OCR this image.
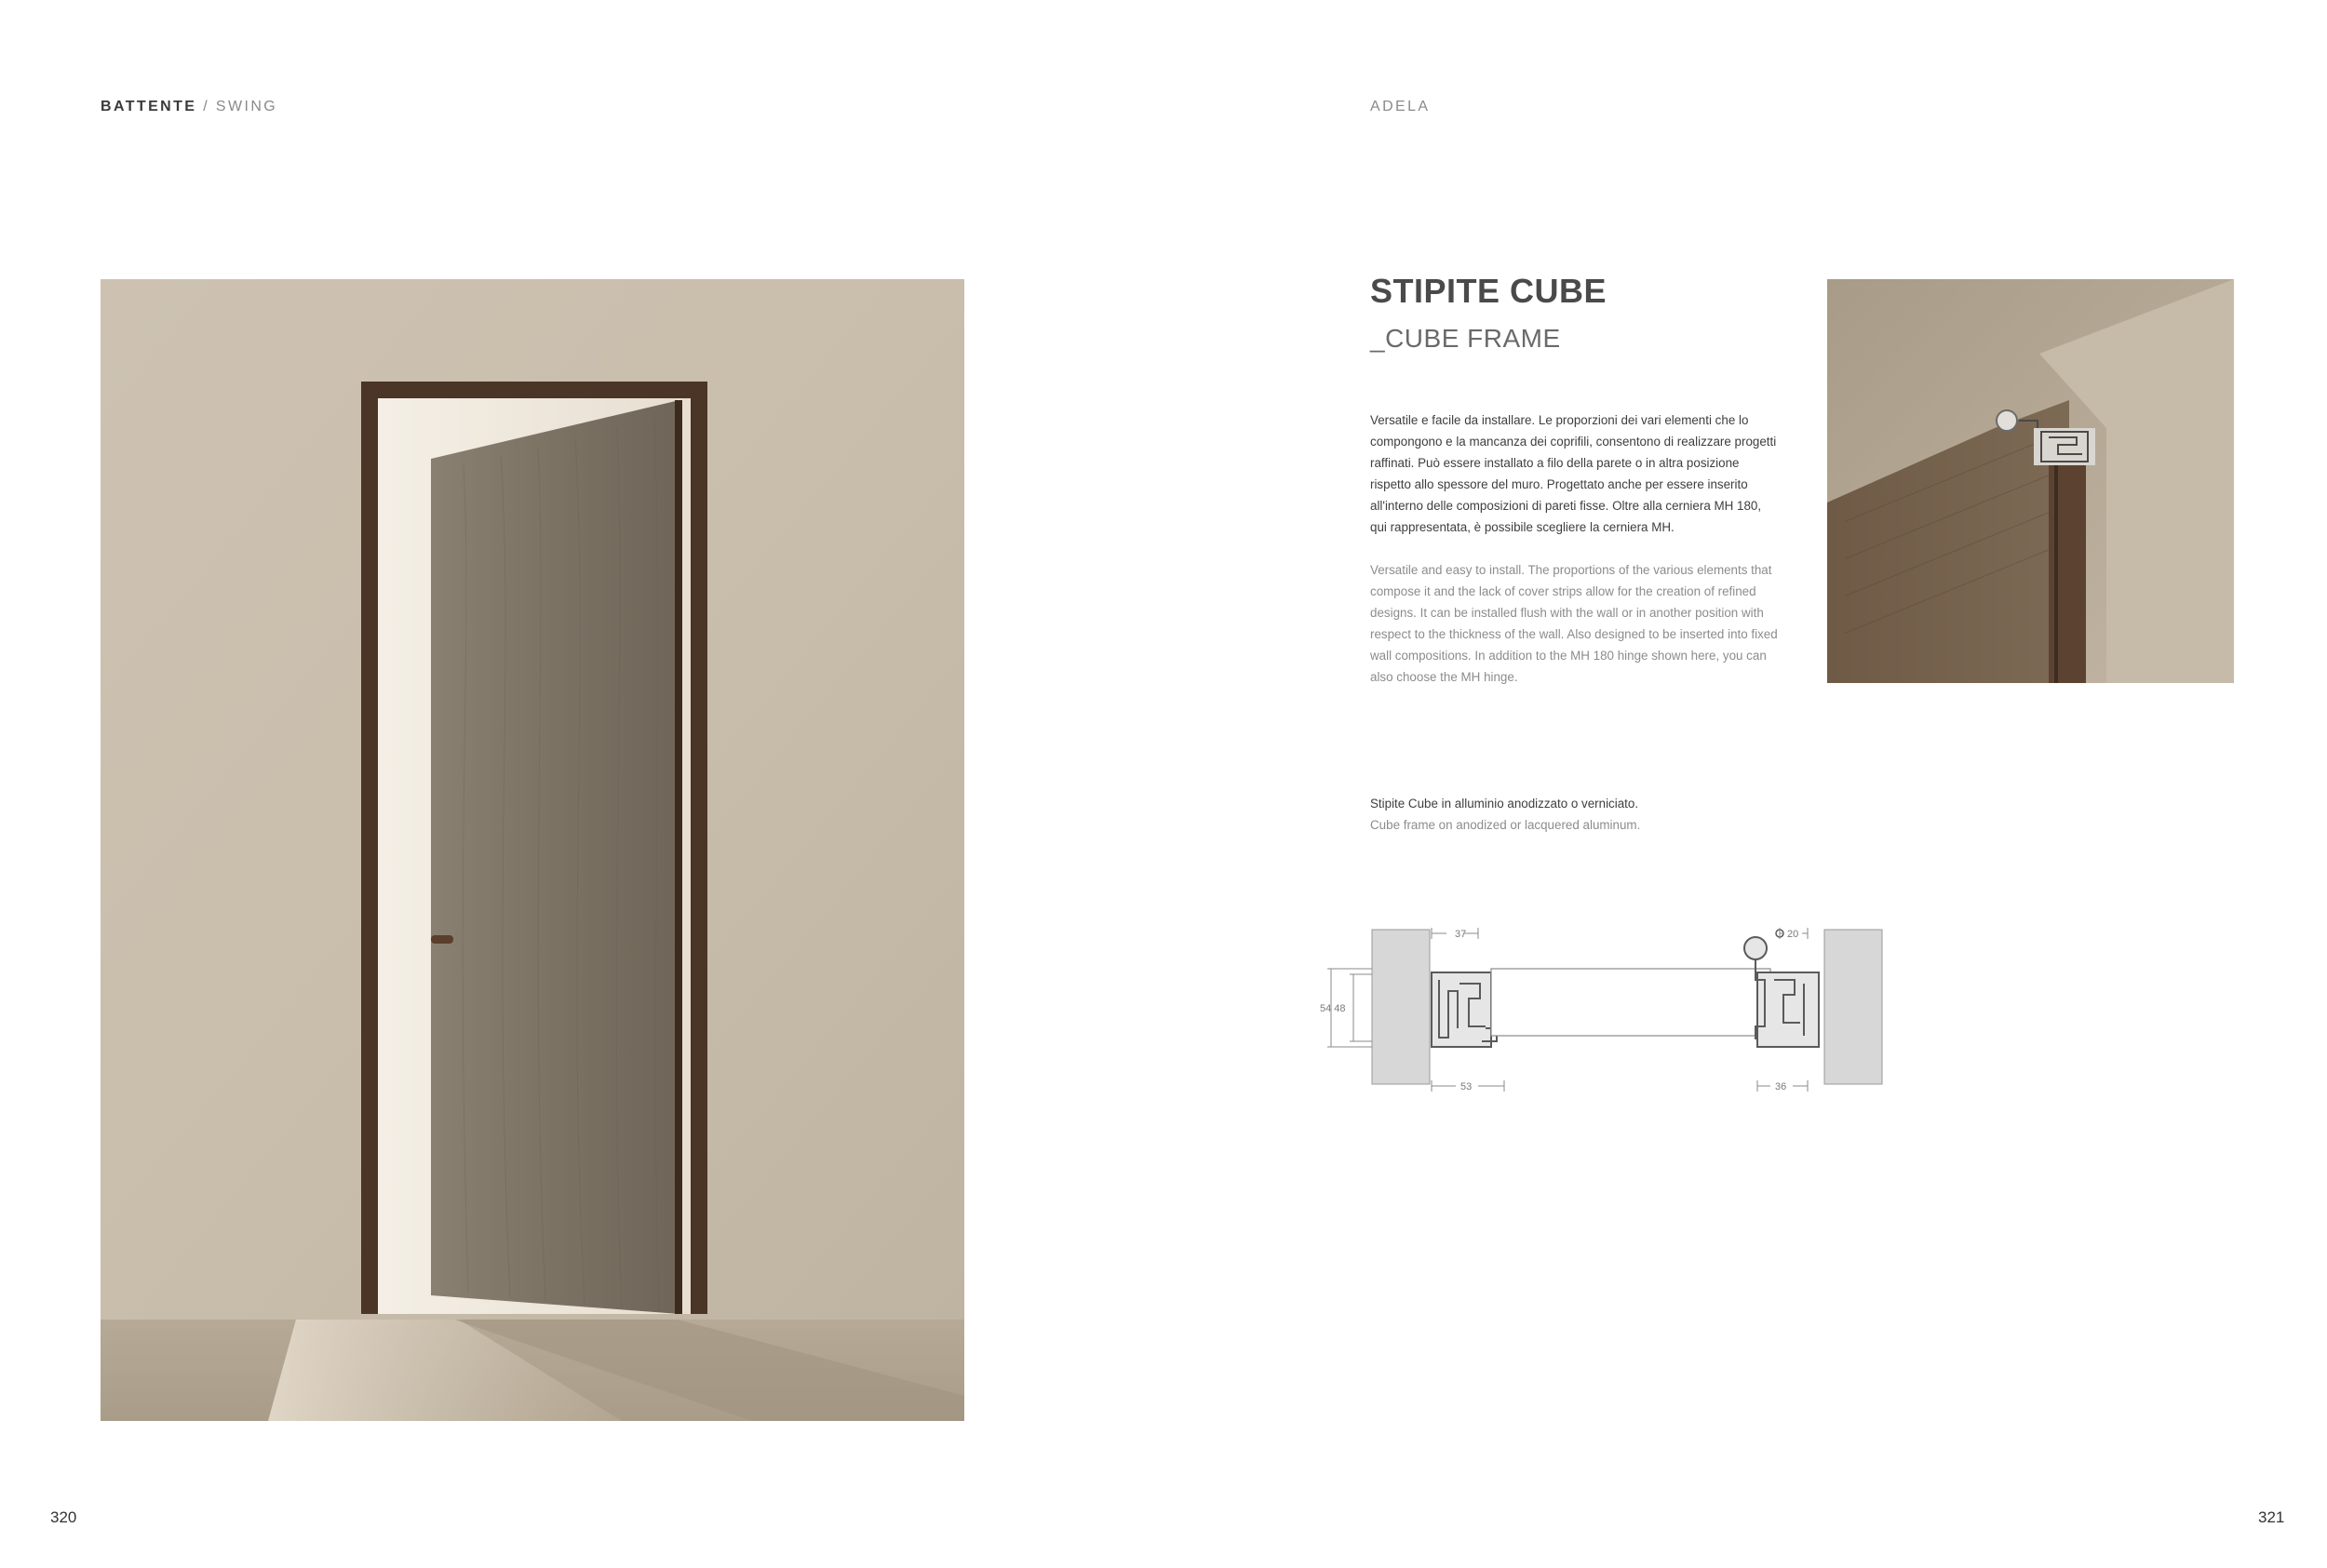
BATTENTE / SWING	ADELA
STIPITE CUBE
_CUBE FRAME
Versatile e facile da installare. Le proporzioni dei vari elementi che lo compongono e la mancanza dei coprifili, consentono di realizzare progetti raffinati. Può essere installato a filo della parete o in altra posizione rispetto allo spessore del muro. Progettato anche per essere inserito all'interno delle composizioni di pareti fisse. Oltre alla cerniera MH 180, qui rappresentata, è possibile scegliere la cerniera MH.
Versatile and easy to install. The proportions of the various elements that compose it and the lack of cover strips allow for the creation of refined designs. It can be installed flush with the wall or in another position with respect to the thickness of the wall. Also designed to be inserted into fixed wall compositions. In addition to the MH 180 hinge shown here, you can also choose the MH hinge.
Stipite Cube in alluminio anodizzato o verniciato.
Cube frame on anodized or lacquered aluminum.
37	20
54 48
53	36
320	321
